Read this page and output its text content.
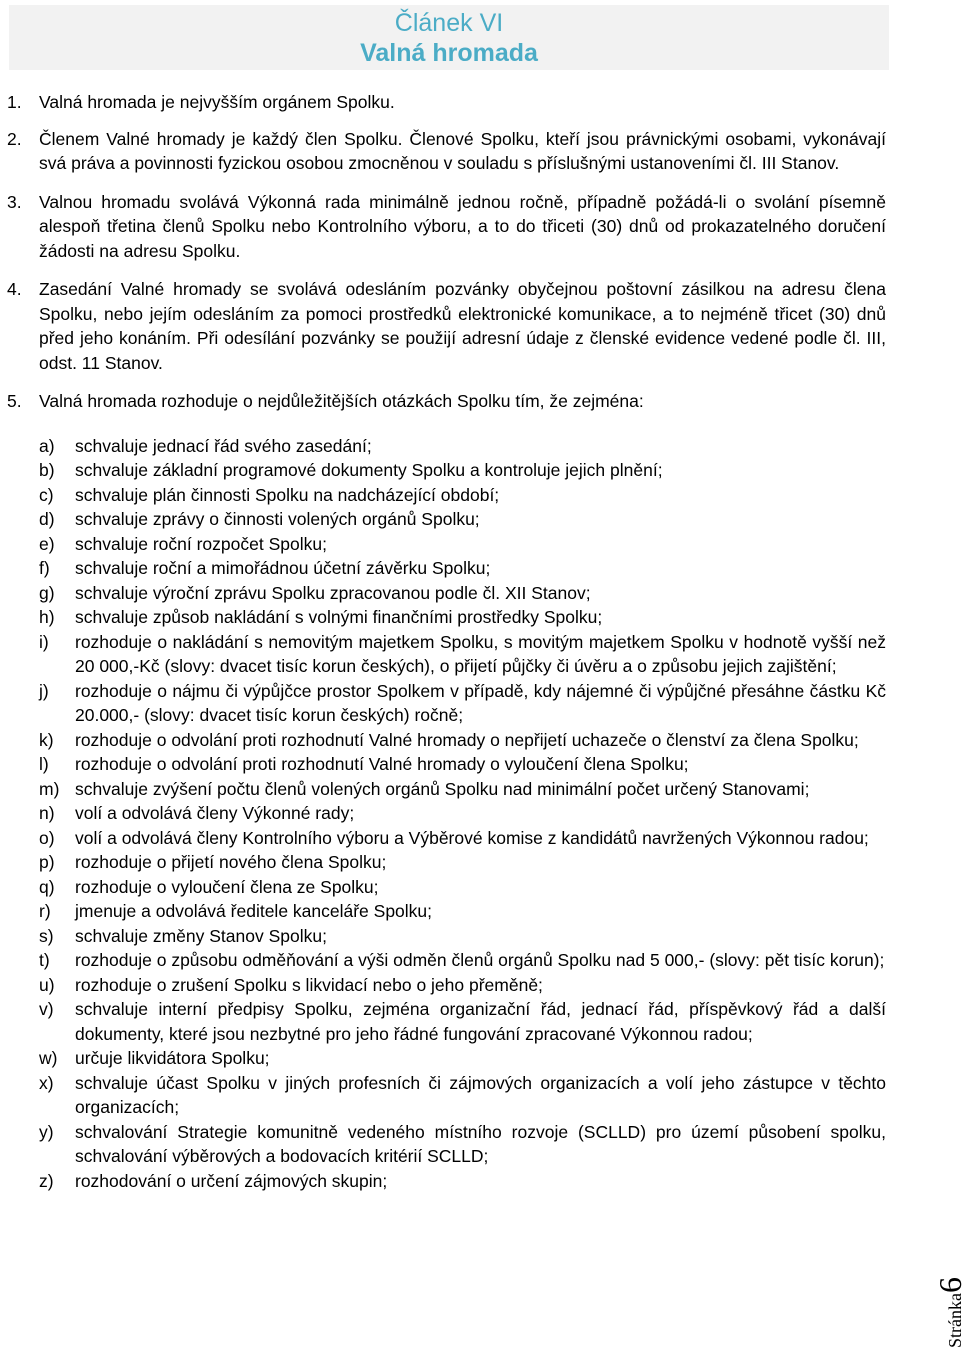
Článek VI
Valná hromada
1. Valná hromada je nejvyšším orgánem Spolku.
2. Členem Valné hromady je každý člen Spolku. Členové Spolku, kteří jsou právnickými osobami, vykonávají svá práva a povinnosti fyzickou osobou zmocněnou v souladu s příslušnými ustanoveními čl. III Stanov.
3. Valnou hromadu svolává Výkonná rada minimálně jednou ročně, případně požádá-li o svolání písemně alespoň třetina členů Spolku nebo Kontrolního výboru, a to do třiceti (30) dnů od prokazatelného doručení žádosti na adresu Spolku.
4. Zasedání Valné hromady se svolává odesláním pozvánky obyčejnou poštovní zásilkou na adresu člena Spolku, nebo jejím odesláním za pomoci prostředků elektronické komunikace, a to nejméně třicet (30) dnů před jeho konáním. Při odesílání pozvánky se použijí adresní údaje z členské evidence vedené podle čl. III, odst. 11 Stanov.
5. Valná hromada rozhoduje o nejdůležitějších otázkách Spolku tím, že zejména:
a) schvaluje jednací řád svého zasedání;
b) schvaluje základní programové dokumenty Spolku a kontroluje jejich plnění;
c) schvaluje plán činnosti Spolku na nadcházející období;
d) schvaluje zprávy o činnosti volených orgánů Spolku;
e) schvaluje roční rozpočet Spolku;
f) schvaluje roční a mimořádnou účetní závěrku Spolku;
g) schvaluje výroční zprávu Spolku zpracovanou podle čl. XII Stanov;
h) schvaluje způsob nakládání s volnými finančními prostředky Spolku;
i) rozhoduje o nakládání s nemovitým majetkem Spolku, s movitým majetkem Spolku v hodnotě vyšší než 20 000,-Kč (slovy: dvacet tisíc korun českých), o přijetí půjčky či úvěru a o způsobu jejich zajištění;
j) rozhoduje o nájmu či výpůjčce prostor Spolkem v případě, kdy nájemné či výpůjčné přesáhne částku Kč 20.000,- (slovy: dvacet tisíc korun českých) ročně;
k) rozhoduje o odvolání proti rozhodnutí Valné hromady o nepřijetí uchazeče o členství za člena Spolku;
l) rozhoduje o odvolání proti rozhodnutí Valné hromady o vyloučení člena Spolku;
m) schvaluje zvýšení počtu členů volených orgánů Spolku nad minimální počet určený Stanovami;
n) volí a odvolává členy Výkonné rady;
o) volí a odvolává členy Kontrolního výboru a Výběrové komise z kandidátů navržených Výkonnou radou;
p) rozhoduje o přijetí nového člena Spolku;
q) rozhoduje o vyloučení člena ze Spolku;
r) jmenuje a odvolává ředitele kanceláře Spolku;
s) schvaluje změny Stanov Spolku;
t) rozhoduje o způsobu odměňování a výši odměn členů orgánů Spolku nad 5 000,- (slovy: pět tisíc korun);
u) rozhoduje o zrušení Spolku s likvidací nebo o jeho přeměně;
v) schvaluje interní předpisy Spolku, zejména organizační řád, jednací řád, příspěvkový řád a další dokumenty, které jsou nezbytné pro jeho řádné fungování zpracované Výkonnou radou;
w) určuje likvidátora Spolku;
x) schvaluje účast Spolku v jiných profesních či zájmových organizacích a volí jeho zástupce v těchto organizacích;
y) schvalování Strategie komunitně vedeného místního rozvoje (SCLLD) pro území působení spolku, schvalování výběrových a bodovacích kritérií SCLLD;
z) rozhodování o určení zájmových skupin;
Stránka6
